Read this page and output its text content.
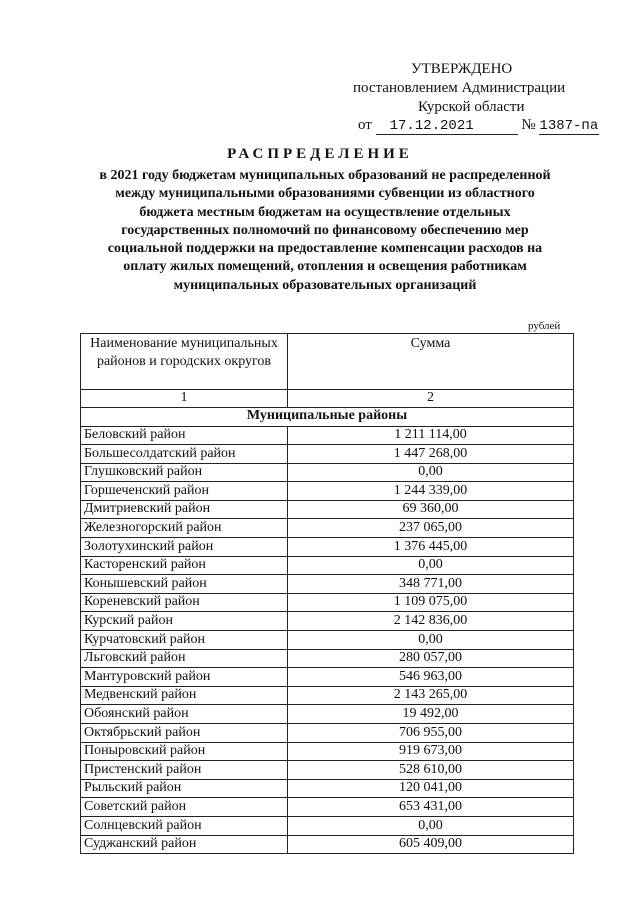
УТВЕРЖДЕНО
постановлением Администрации
Курской области
от 17.12.2021	№ 1387-па
РАСПРЕДЕЛЕНИЕ
в 2021 году бюджетам муниципальных образований не распределенной между муниципальными образованиями субвенции из областного бюджета местным бюджетам на осуществление отдельных государственных полномочий по финансовому обеспечению мер социальной поддержки на предоставление компенсации расходов на оплату жилых помещений, отопления и освещения работникам муниципальных образовательных организаций
рублей
Наименование муниципальных районов и городских округов	Сумма
1	2
Муниципальные районы	
Беловский район	1 211 114,00
Большесолдатский район	1 447 268,00
Глушковский район	0,00
Горшеченский район	1 244 339,00
Дмитриевский район	69 360,00
Железногорский район	237 065,00
Золотухинский район	1 376 445,00
Касторенский район	0,00
Конышевский район	348 771,00
Кореневский район	1 109 075,00
Курский район	2 142 836,00
Курчатовский район	0,00
Льговский район	280 057,00
Мантуровский район	546 963,00
Медвенский район	2 143 265,00
Обоянский район	19 492,00
Октябрьский район	706 955,00
Поныровский район	919 673,00
Пристенский район	528 610,00
Рыльский район	120 041,00
Советский район	653 431,00
Солнцевский район	0,00
Суджанский район	605 409,00
